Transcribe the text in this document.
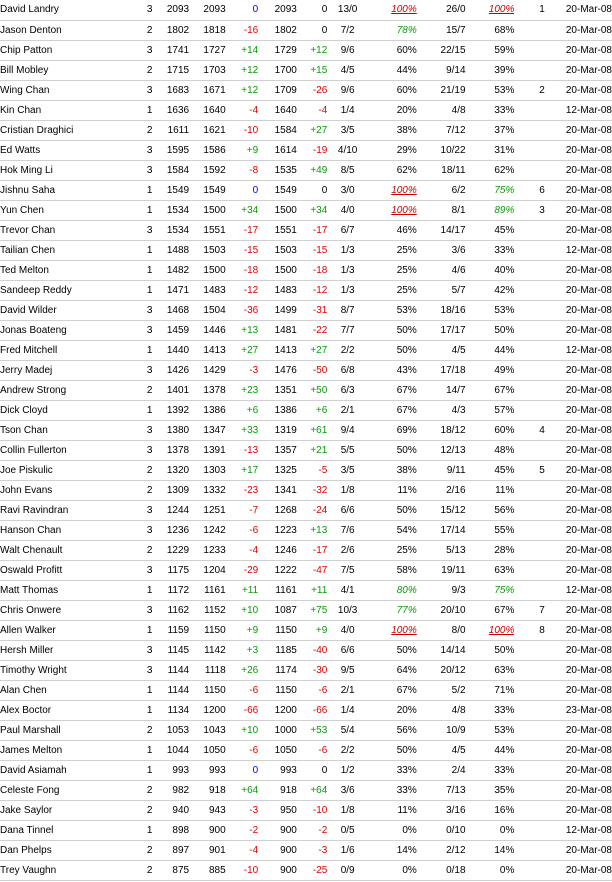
David Landry	3	2093	2093	0	2093	0	13/0	100%	26/0	100%	1	20-Mar-08
Jason Denton	2	1802	1818	-16	1802	0	7/2	78%	15/7	68%		20-Mar-08
Chip Patton	3	1741	1727	+14	1729	+12	9/6	60%	22/15	59%		20-Mar-08
Bill Mobley	2	1715	1703	+12	1700	+15	4/5	44%	9/14	39%		20-Mar-08
Wing Chan	3	1683	1671	+12	1709	-26	9/6	60%	21/19	53%	2	20-Mar-08
Kin Chan	1	1636	1640	-4	1640	-4	1/4	20%	4/8	33%		12-Mar-08
Cristian Draghici	2	1611	1621	-10	1584	+27	3/5	38%	7/12	37%		20-Mar-08
Ed Watts	3	1595	1586	+9	1614	-19	4/10	29%	10/22	31%		20-Mar-08
Hok Ming Li	3	1584	1592	-8	1535	+49	8/5	62%	18/11	62%		20-Mar-08
Jishnu Saha	1	1549	1549	0	1549	0	3/0	100%	6/2	75%	6	20-Mar-08
Yun Chen	1	1534	1500	+34	1500	+34	4/0	100%	8/1	89%	3	20-Mar-08
Trevor Chan	3	1534	1551	-17	1551	-17	6/7	46%	14/17	45%		20-Mar-08
Tailian Chen	1	1488	1503	-15	1503	-15	1/3	25%	3/6	33%		12-Mar-08
Ted Melton	1	1482	1500	-18	1500	-18	1/3	25%	4/6	40%		20-Mar-08
Sandeep Reddy	1	1471	1483	-12	1483	-12	1/3	25%	5/7	42%		20-Mar-08
David Wilder	3	1468	1504	-36	1499	-31	8/7	53%	18/16	53%		20-Mar-08
Jonas Boateng	3	1459	1446	+13	1481	-22	7/7	50%	17/17	50%		20-Mar-08
Fred Mitchell	1	1440	1413	+27	1413	+27	2/2	50%	4/5	44%		12-Mar-08
Jerry Madej	3	1426	1429	-3	1476	-50	6/8	43%	17/18	49%		20-Mar-08
Andrew Strong	2	1401	1378	+23	1351	+50	6/3	67%	14/7	67%		20-Mar-08
Dick Cloyd	1	1392	1386	+6	1386	+6	2/1	67%	4/3	57%		20-Mar-08
Tson Chan	3	1380	1347	+33	1319	+61	9/4	69%	18/12	60%	4	20-Mar-08
Collin Fullerton	3	1378	1391	-13	1357	+21	5/5	50%	12/13	48%		20-Mar-08
Joe Piskulic	2	1320	1303	+17	1325	-5	3/5	38%	9/11	45%	5	20-Mar-08
John Evans	2	1309	1332	-23	1341	-32	1/8	11%	2/16	11%		20-Mar-08
Ravi Ravindran	3	1244	1251	-7	1268	-24	6/6	50%	15/12	56%		20-Mar-08
Hanson Chan	3	1236	1242	-6	1223	+13	7/6	54%	17/14	55%		20-Mar-08
Walt Chenault	2	1229	1233	-4	1246	-17	2/6	25%	5/13	28%		20-Mar-08
Oswald Profitt	3	1175	1204	-29	1222	-47	7/5	58%	19/11	63%		20-Mar-08
Matt Thomas	1	1172	1161	+11	1161	+11	4/1	80%	9/3	75%		12-Mar-08
Chris Onwere	3	1162	1152	+10	1087	+75	10/3	77%	20/10	67%	7	20-Mar-08
Allen Walker	1	1159	1150	+9	1150	+9	4/0	100%	8/0	100%	8	20-Mar-08
Hersh Miller	3	1145	1142	+3	1185	-40	6/6	50%	14/14	50%		20-Mar-08
Timothy Wright	3	1144	1118	+26	1174	-30	9/5	64%	20/12	63%		20-Mar-08
Alan Chen	1	1144	1150	-6	1150	-6	2/1	67%	5/2	71%		20-Mar-08
Alex Boctor	1	1134	1200	-66	1200	-66	1/4	20%	4/8	33%		23-Mar-08
Paul Marshall	2	1053	1043	+10	1000	+53	5/4	56%	10/9	53%		20-Mar-08
James Melton	1	1044	1050	-6	1050	-6	2/2	50%	4/5	44%		20-Mar-08
David Asiamah	1	993	993	0	993	0	1/2	33%	2/4	33%		20-Mar-08
Celeste Fong	2	982	918	+64	918	+64	3/6	33%	7/13	35%		20-Mar-08
Jake Saylor	2	940	943	-3	950	-10	1/8	11%	3/16	16%		20-Mar-08
Dana Tinnel	1	898	900	-2	900	-2	0/5	0%	0/10	0%		12-Mar-08
Dan Phelps	2	897	901	-4	900	-3	1/6	14%	2/12	14%		20-Mar-08
Trey Vaughn	2	875	885	-10	900	-25	0/9	0%	0/18	0%		20-Mar-08
